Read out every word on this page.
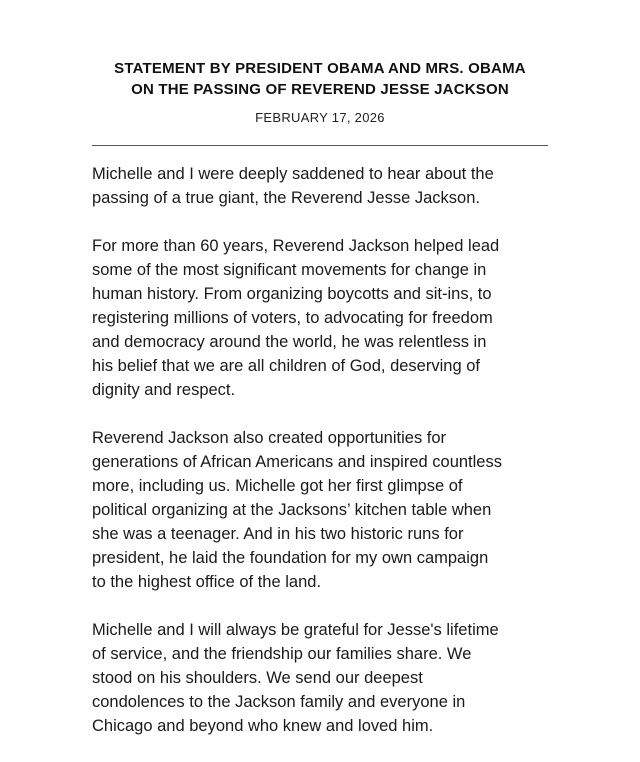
STATEMENT BY PRESIDENT OBAMA AND MRS. OBAMA
ON THE PASSING OF REVEREND JESSE JACKSON
FEBRUARY 17, 2026

Michelle and I were deeply saddened to hear about the
passing of a true giant, the Reverend Jesse Jackson.

For more than 60 years, Reverend Jackson helped lead
some of the most significant movements for change in
human history. From organizing boycotts and sit-ins, to
registering millions of voters, to advocating for freedom
and democracy around the world, he was relentless in
his belief that we are all children of God, deserving of
dignity and respect.

Reverend Jackson also created opportunities for
generations of African Americans and inspired countless
more, including us. Michelle got her first glimpse of
political organizing at the Jacksons’ kitchen table when
she was a teenager. And in his two historic runs for
president, he laid the foundation for my own campaign
to the highest office of the land.

Michelle and I will always be grateful for Jesse's lifetime
of service, and the friendship our families share. We
stood on his shoulders. We send our deepest
condolences to the Jackson family and everyone in
Chicago and beyond who knew and loved him.
